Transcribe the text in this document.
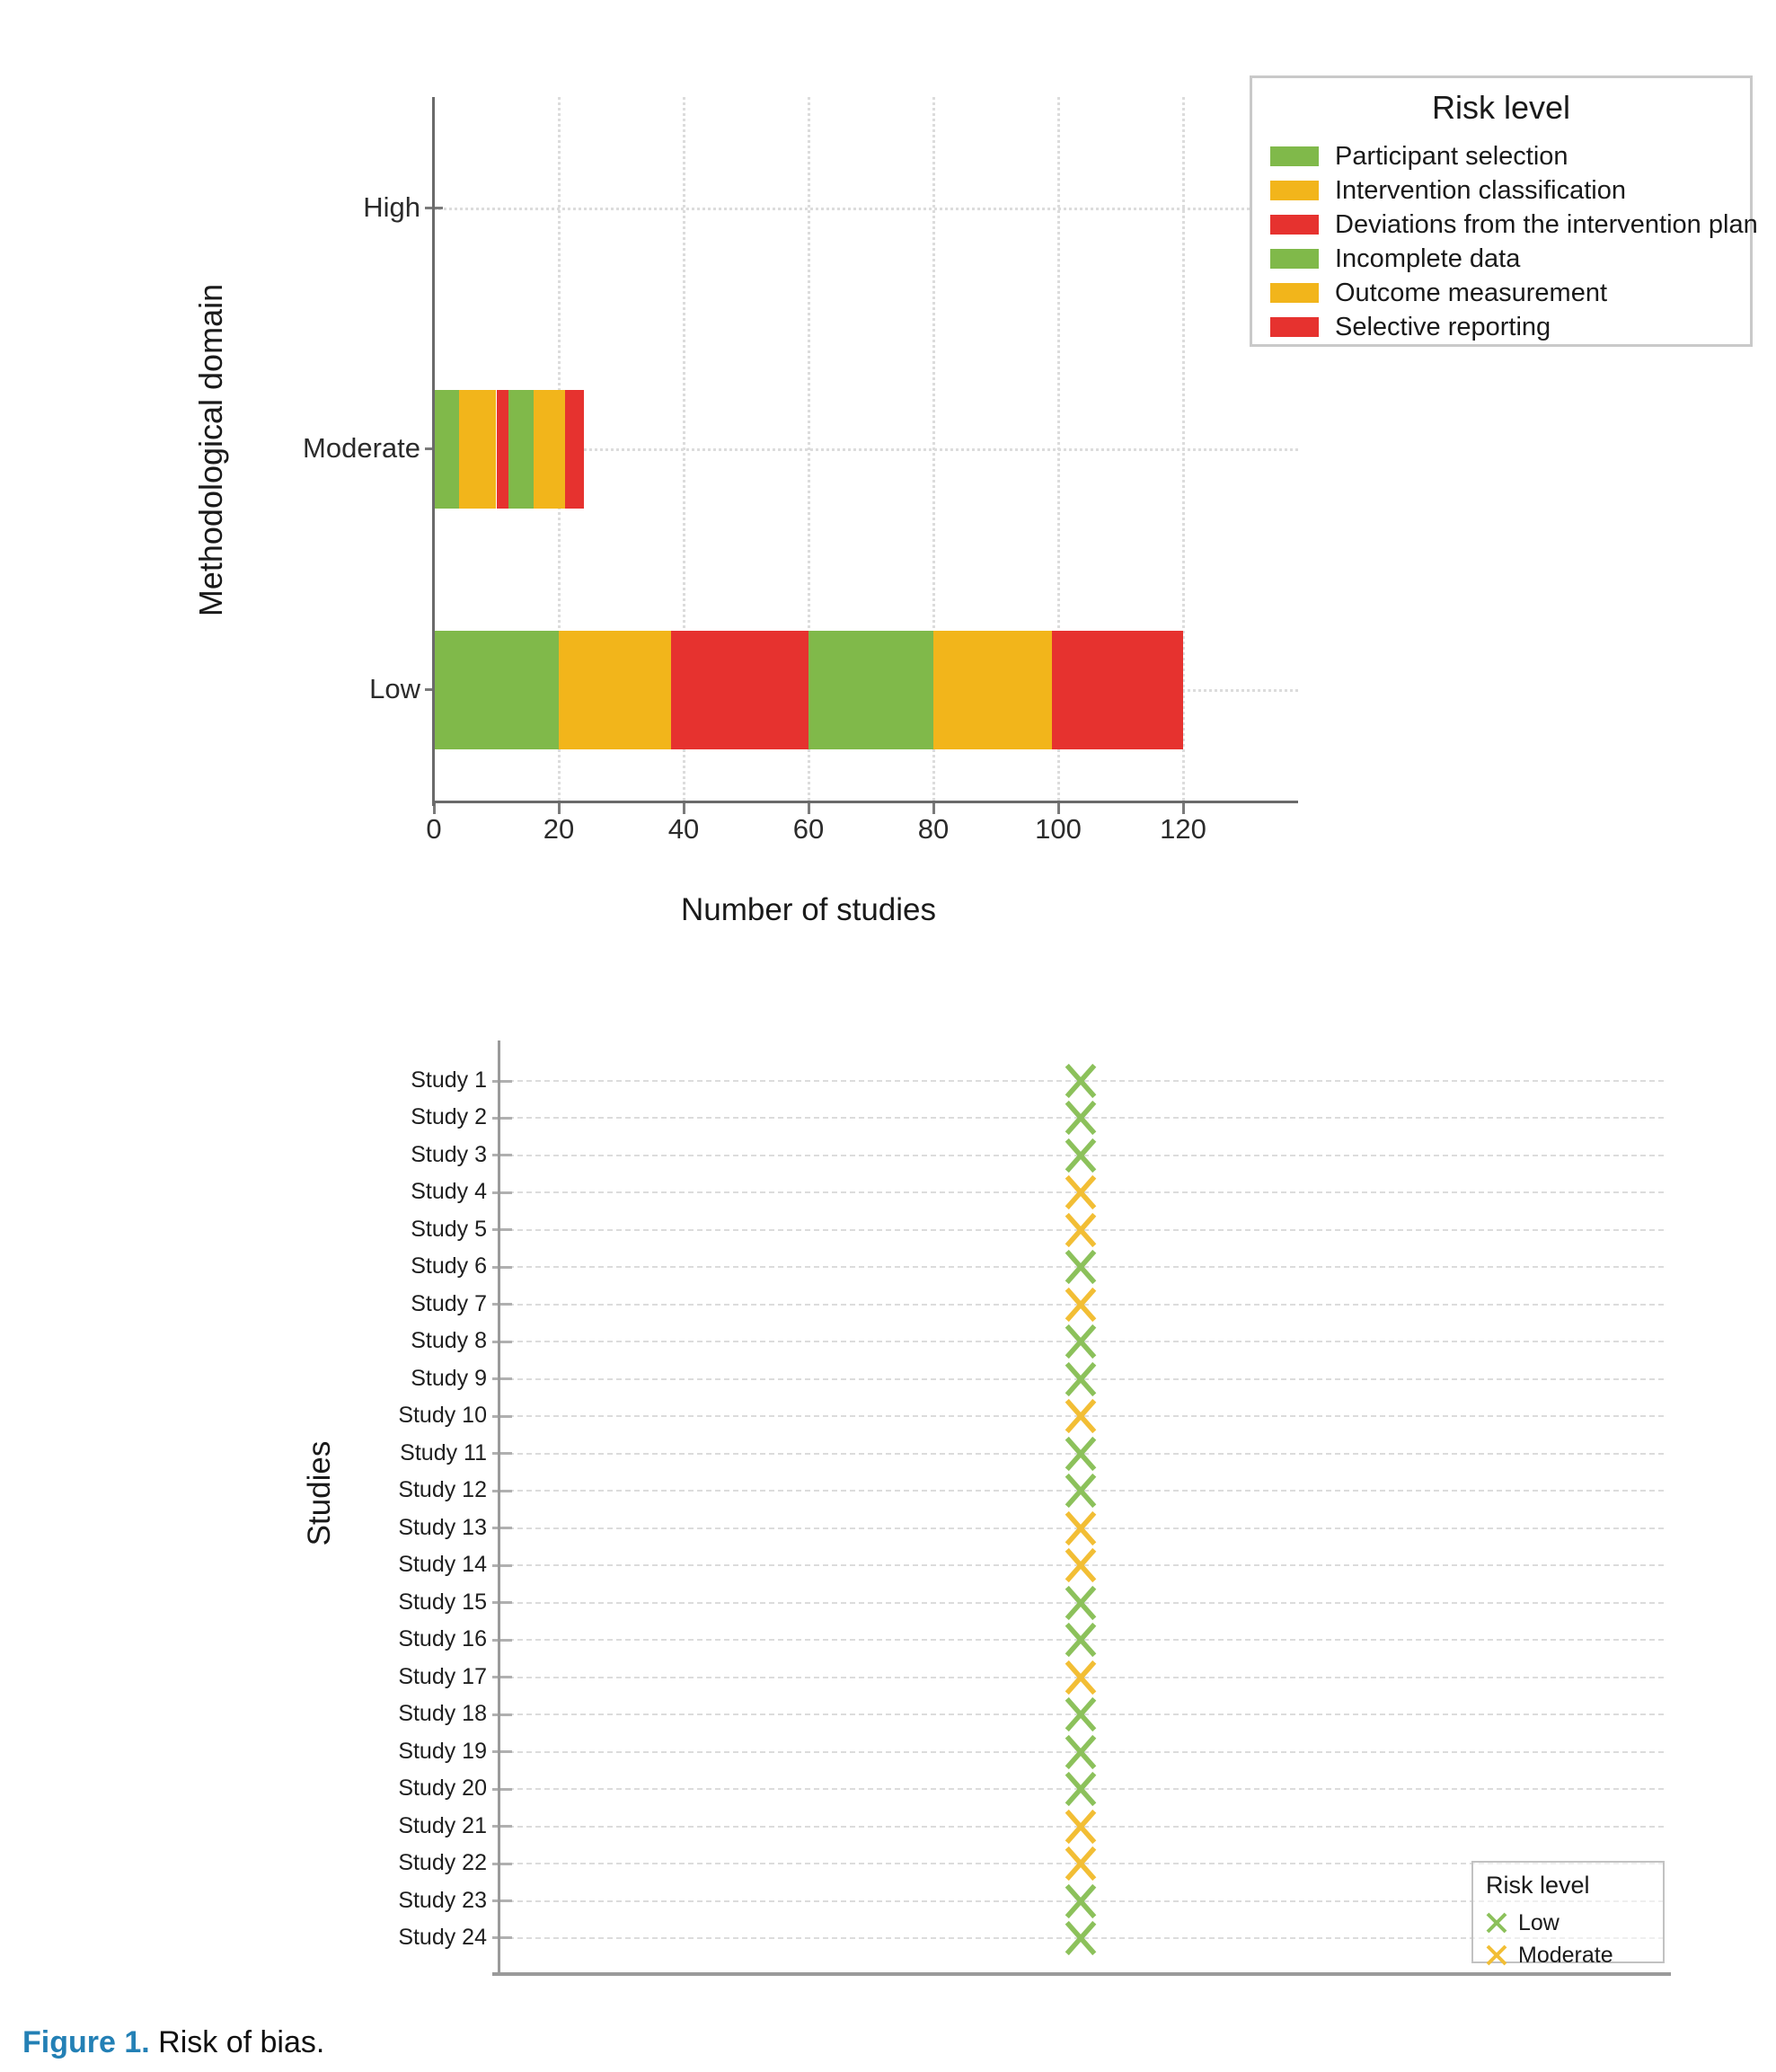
High
Moderate
Low
0	20	40	60	80	100	120
Number of studies
Methodological domain
Risk level
Participant selection
Intervention classification
Deviations from the intervention plan
Incomplete data
Outcome measurement
Selective reporting
Study 1
Study 2
Study 3
Study 4
Study 5
Study 6
Study 7
Study 8
Study 9
Study 10
Study 11
Study 12
Study 13
Study 14
Study 15
Study 16
Study 17
Study 18
Study 19
Study 20
Study 21
Study 22
Study 23
Study 24
Studies
Risk level
Low
Moderate
Figure 1. Risk of bias.
